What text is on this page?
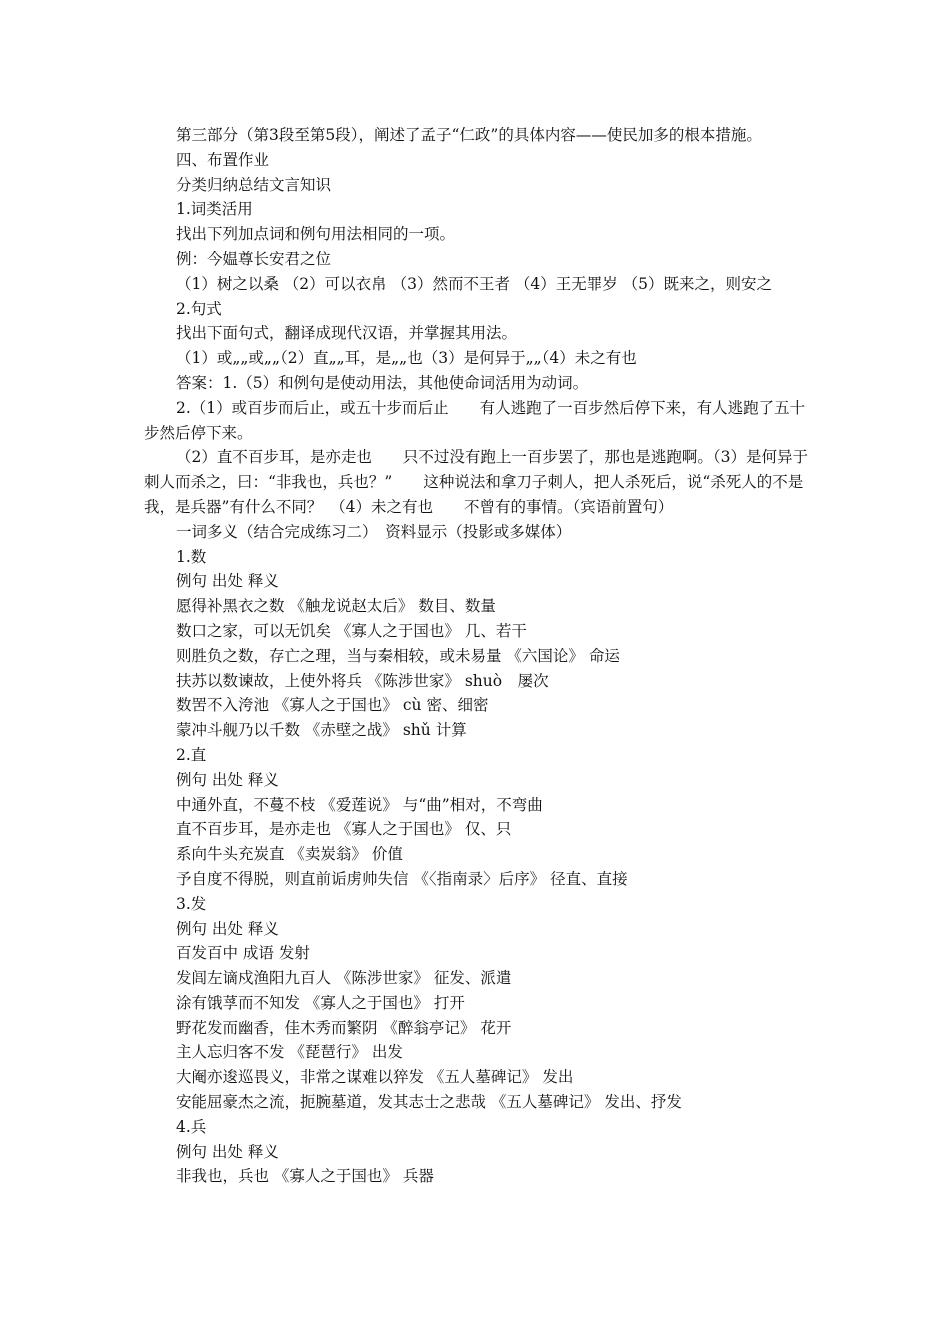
第三部分（第3段至第5段），阐述了孟子“仁政”的具体内容——使民加多的根本措施。

四、布置作业

分类归纳总结文言知识

1.词类活用

找出下列加点词和例句用法相同的一项。

例：今媪尊长安君之位

（1）树之以桑 （2）可以衣帛 （3）然而不王者 （4）王无罪岁 （5）既来之，则安之

2.句式

找出下面句式，翻译成现代汉语，并掌握其用法。

（1）或„„或„„（2）直„„耳，是„„也（3）是何异于„„（4）未之有也

答案：1.（5）和例句是使动用法，其他使命词活用为动词。

2.（1）或百步而后止，或五十步而后止　　有人逃跑了一百步然后停下来，有人逃跑了五十步然后停下来。

（2）直不百步耳，是亦走也　　只不过没有跑上一百步罢了，那也是逃跑啊。（3）是何异于刺人而杀之，曰：“非我也，兵也？”　　这种说法和拿刀子刺人，把人杀死后，说“杀死人的不是我，是兵器”有什么不同？　（4）未之有也　　不曾有的事情。（宾语前置句）

一词多义（结合完成练习二）　资料显示（投影或多媒体）

1.数

例句 出处 释义

愿得补黑衣之数 《触龙说赵太后》 数目、数量

数口之家，可以无饥矣 《寡人之于国也》 几、若干

则胜负之数，存亡之理，当与秦相较，或未易量 《六国论》 命运

扶苏以数谏故，上使外将兵 《陈涉世家》 shuò　屡次

数罟不入洿池 《寡人之于国也》 cù 密、细密

蒙冲斗舰乃以千数 《赤壁之战》 shǔ 计算

2.直

例句 出处 释义

中通外直，不蔓不枝 《爱莲说》 与“曲”相对，不弯曲

直不百步耳，是亦走也 《寡人之于国也》 仅、只

系向牛头充炭直 《卖炭翁》 价值

予自度不得脱，则直前诟虏帅失信 《〈指南录〉后序》 径直、直接

3.发

例句 出处 释义

百发百中 成语 发射

发闾左谪戍渔阳九百人 《陈涉世家》 征发、派遣

涂有饿莩而不知发 《寡人之于国也》 打开

野花发而幽香，佳木秀而繁阴 《醉翁亭记》 花开

主人忘归客不发 《琵琶行》 出发

大阉亦逡巡畏义，非常之谋难以猝发 《五人墓碑记》 发出

安能屈豪杰之流，扼腕墓道，发其志士之悲哉 《五人墓碑记》 发出、抒发

4.兵

例句 出处 释义

非我也，兵也 《寡人之于国也》 兵器
